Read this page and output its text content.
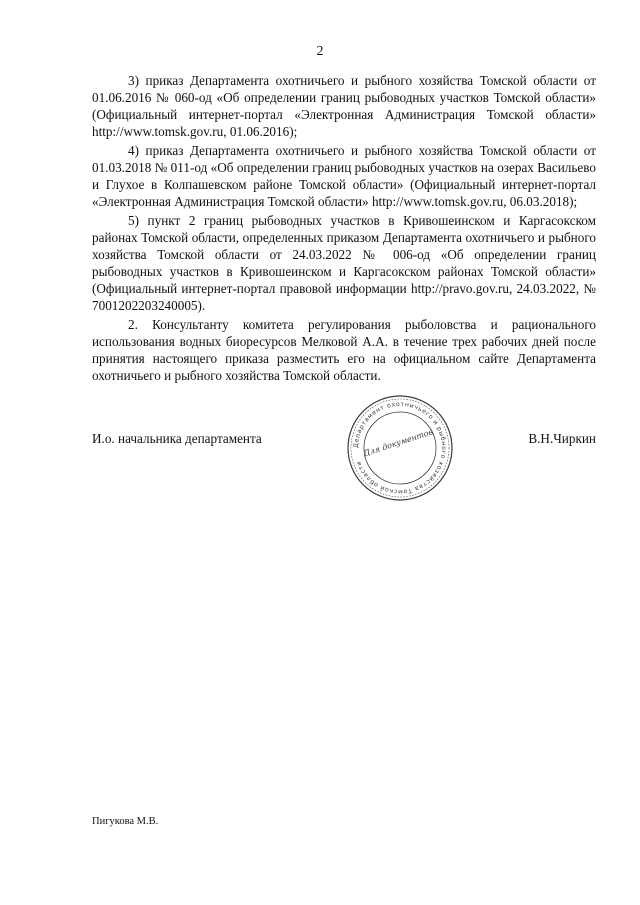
2

3) приказ Департамента охотничьего и рыбного хозяйства Томской области от 01.06.2016 № 060-од «Об определении границ рыбоводных участков Томской области» (Официальный интернет-портал «Электронная Администрация Томской области» http://www.tomsk.gov.ru, 01.06.2016);

4) приказ Департамента охотничьего и рыбного хозяйства Томской области от 01.03.2018 № 011-од «Об определении границ рыбоводных участков на озерах Васильево и Глухое в Колпашевском районе Томской области» (Официальный интернет-портал «Электронная Администрация Томской области» http://www.tomsk.gov.ru, 06.03.2018);

5) пункт 2 границ рыбоводных участков в Кривошеинском и Каргасокском районах Томской области, определенных приказом Департамента охотничьего и рыбного хозяйства Томской области от 24.03.2022 № 006-од «Об определении границ рыбоводных участков в Кривошеинском и Каргасокском районах Томской области» (Официальный интернет-портал правовой информации http://pravo.gov.ru, 24.03.2022, № 7001202203240005).

2. Консультанту комитета регулирования рыболовства и рационального использования водных биоресурсов Мелковой А.А. в течение трех рабочих дней после принятия настоящего приказа разместить его на официальном сайте Департамента охотничьего и рыбного хозяйства Томской области.

И.о. начальника департамента	В.Н.Чиркин
Департамент охотничьего и рыбного хозяйства Томской области
Для документов
Пигукова М.В.
